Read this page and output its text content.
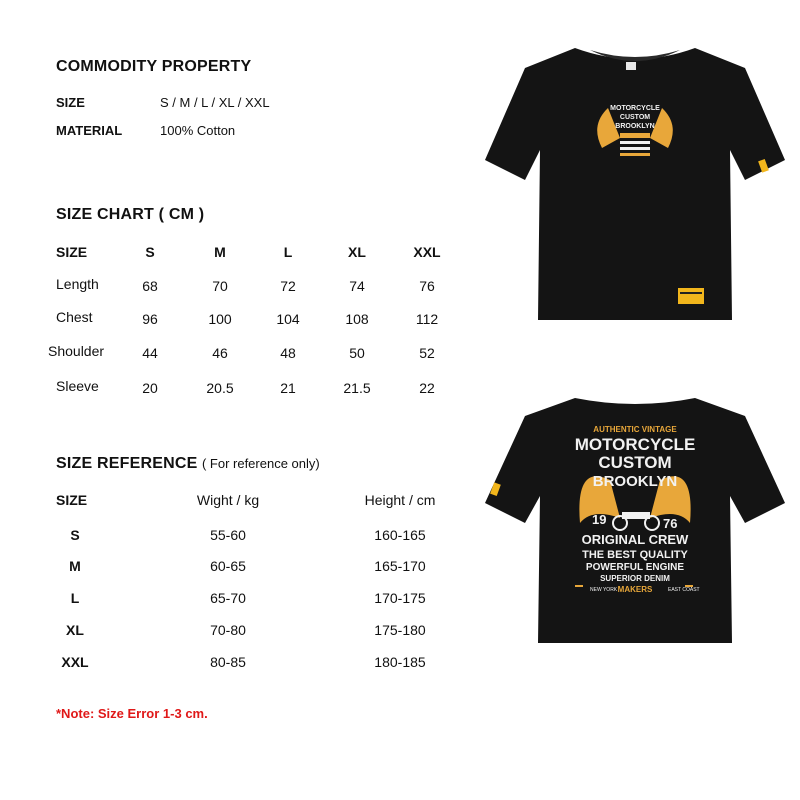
COMMODITY PROPERTY
SIZE	S / M / L / XL / XXL
MATERIAL	100% Cotton
SIZE CHART ( CM )
SIZE	S	M	L	XL	XXL
Length	68	70	72	74	76
Chest	96	100	104	108	112
Shoulder	44	46	48	50	52
Sleeve	20	20.5	21	21.5	22
SIZE REFERENCE ( For reference only)
SIZE	Wight / kg	Height / cm
S	55-60	160-165
M	60-65	165-170
L	65-70	170-175
XL	70-80	175-180
XXL	80-85	180-185
*Note: Size Error 1-3 cm.
MOTORCYCLE
CUSTOM
BROOKLYN
AUTHENTIC VINTAGE
MOTORCYCLE
CUSTOM
BROOKLYN
19	76
ORIGINAL CREW
THE BEST QUALITY
POWERFUL ENGINE
SUPERIOR DENIM
NEW YORK MAKERS	EAST COAST
